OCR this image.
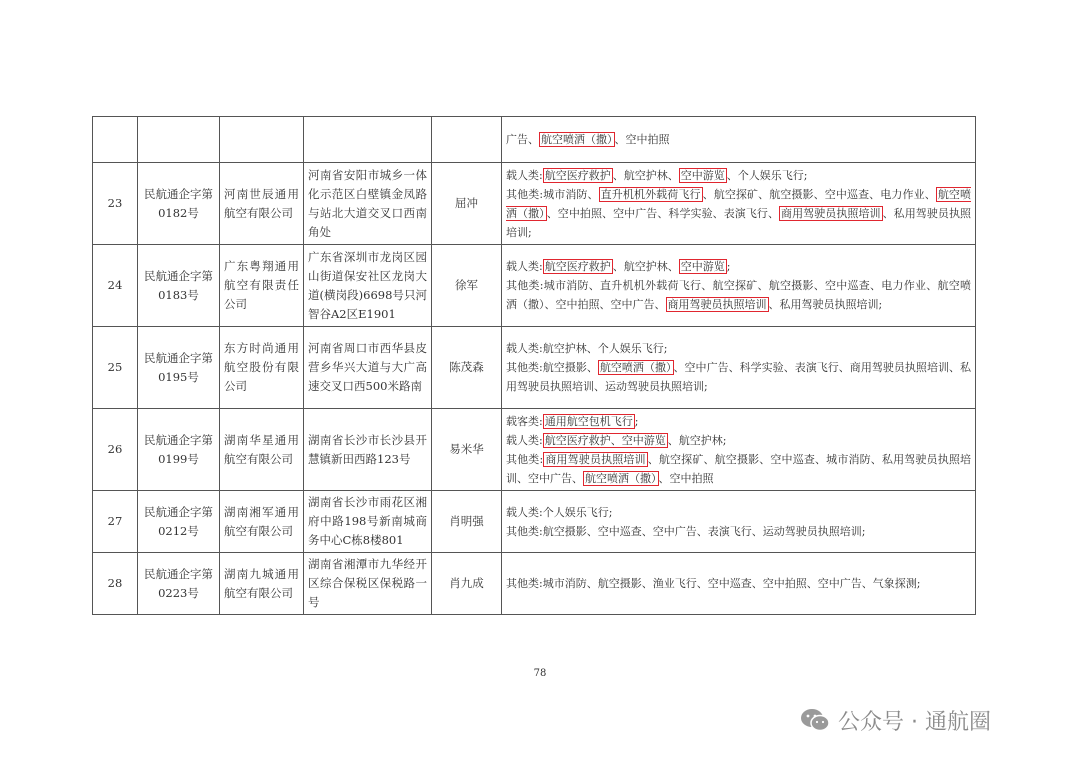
					广告、 航空喷洒（撒） 、空中拍照

23	民航通企字第0182号	河南世辰通用航空有限公司	河南省安阳市城乡一体化示范区白壁镇金凤路与站北大道交叉口西南角处	屈冲	载人类: 航空医疗救护 、航空护林、 空中游览 、个人娱乐飞行;
其他类:城市消防、 直升机机外载荷飞行 、航空探矿、航空摄影、空中巡查、电力作业、 航空喷洒（撒） 、空中拍照、空中广告、科学实验、表演飞行、 商用驾驶员执照培训 、私用驾驶员执照培训;

24	民航通企字第0183号	广东粤翔通用航空有限责任公司	广东省深圳市龙岗区园山街道保安社区龙岗大道(横岗段)6698号只河智谷A2区E1901	徐军	载人类: 航空医疗救护 、航空护林、 空中游览 ;
其他类:城市消防、直升机机外载荷飞行、航空探矿、航空摄影、空中巡查、电力作业、航空喷洒（撒）、空中拍照、空中广告、 商用驾驶员执照培训 、私用驾驶员执照培训;

25	民航通企字第0195号	东方时尚通用航空股份有限公司	河南省周口市西华县皮营乡华兴大道与大广高速交叉口西500米路南	陈茂森	载人类:航空护林、个人娱乐飞行;
其他类:航空摄影、 航空喷洒（撒） 、空中广告、科学实验、表演飞行、商用驾驶员执照培训、私用驾驶员执照培训、运动驾驶员执照培训;

26	民航通企字第0199号	湖南华星通用航空有限公司	湖南省长沙市长沙县开慧镇新田西路123号	易米华	载客类: 通用航空包机飞行 ;
载人类: 航空医疗救护、空中游览 、航空护林;
其他类: 商用驾驶员执照培训 、航空探矿、航空摄影、空中巡查、城市消防、私用驾驶员执照培训、空中广告、 航空喷洒（撒） 、空中拍照

27	民航通企字第0212号	湖南湘军通用航空有限公司	湖南省长沙市雨花区湘府中路198号新南城商务中心C栋8楼801	肖明强	载人类:个人娱乐飞行;
其他类:航空摄影、空中巡查、空中广告、表演飞行、运动驾驶员执照培训;

28	民航通企字第0223号	湖南九城通用航空有限公司	湖南省湘潭市九华经开区综合保税区保税路一号	肖九成	其他类:城市消防、航空摄影、渔业飞行、空中巡查、空中拍照、空中广告、气象探测;
78
公众号 · 通航圈
